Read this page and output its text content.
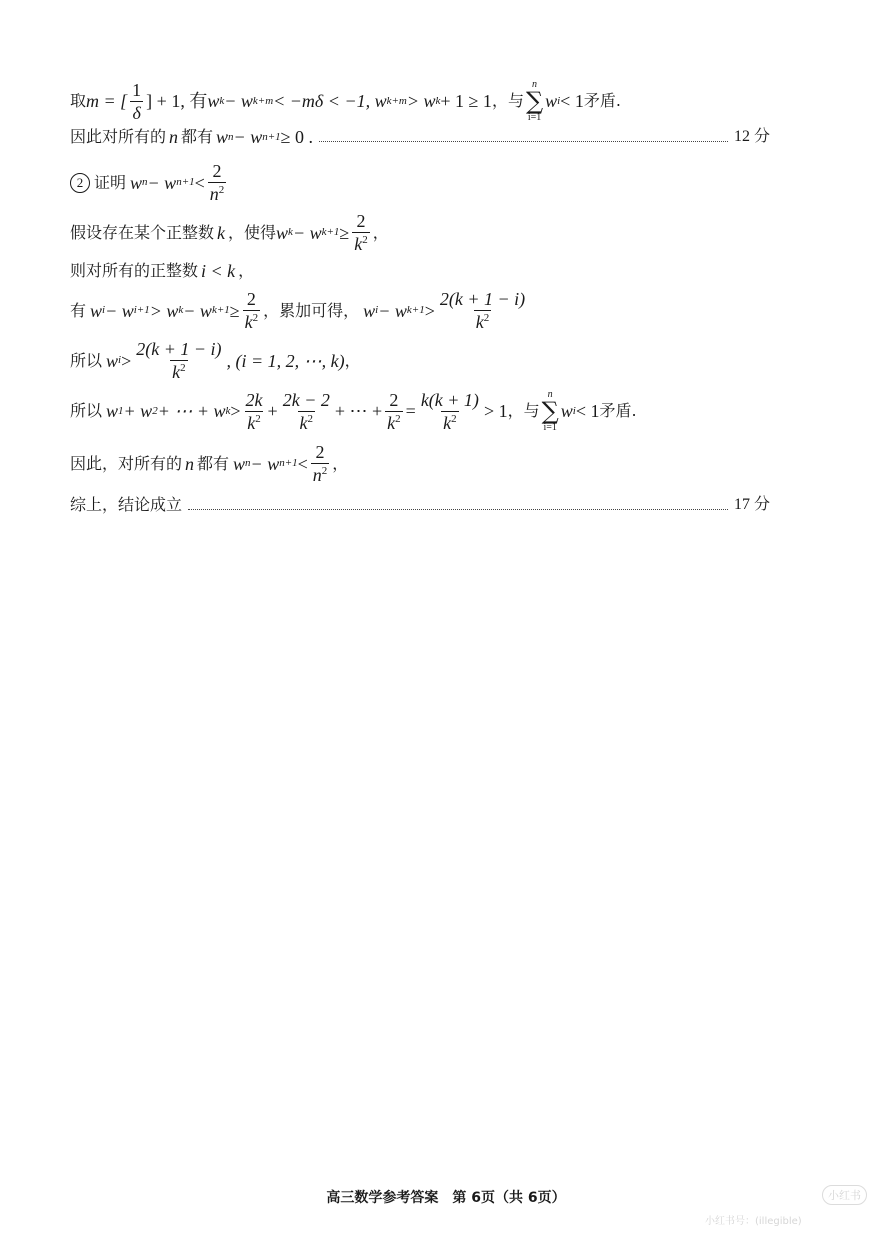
取 m = [ $\frac{1}{\delta}$ ] + 1, 有 w k − w k+m < −mδ < −1, w k+m > w k + 1 ≥ 1 ，与
n
∑
i=1
w i < 1 矛盾.
因此对所有的 n 都有 w n − w n+1 ≥ 0 .	12 分
2 证明 w n − w $n+1 < \frac{2}{n^2}$
假设存在某个正整数 k ，使得 w k − w $k+1 \ge \frac{2}{k^2}$ ，
则对所有的正整数 i < k ，
有 w i − w i+1 > w k − w $k+1 \ge \frac{2}{k^2}$ ，累加可得， w i − w $k+1 > \frac{2(k + 1 - i)}{k^2}$
所以 w $i > \frac{2(k + 1 - i)}{k^2}$ , (i = 1, 2, ⋯, k) ，
所以 w 1 + w 2 + ⋯ + w $k > \frac{2k}{k^2} + \frac{2k - 2}{k^2}$ + ⋯ + $\frac{2}{k^2} = \frac{k(k + 1)}{k^2} > 1$ ，与
n
∑
i=1
w i < 1 矛盾.
因此，对所有的 n 都有 w n − w $n+1 < \frac{2}{n^2}$ ，
综上，结论成立	17 分
高三数学参考答案　第 6页（共 6页）	小红书
小红书号：(illegible)
